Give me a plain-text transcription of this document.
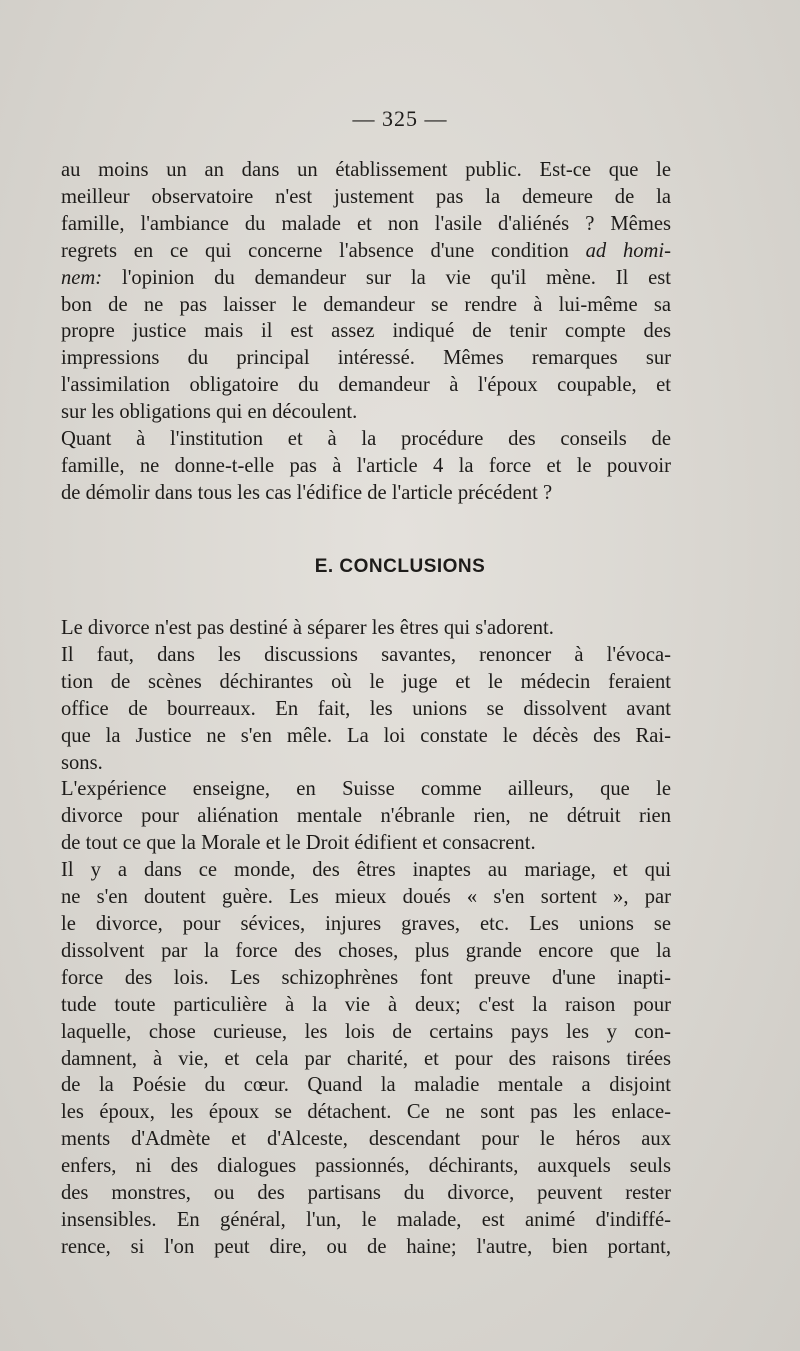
— 325 —
au moins un an dans un établissement public. Est-ce que le
meilleur observatoire n'est justement pas la demeure de la
famille, l'ambiance du malade et non l'asile d'aliénés ? Mêmes
regrets en ce qui concerne l'absence d'une condition ad homi-
nem: l'opinion du demandeur sur la vie qu'il mène. Il est
bon de ne pas laisser le demandeur se rendre à lui-même sa
propre justice mais il est assez indiqué de tenir compte des
impressions du principal intéressé. Mêmes remarques sur
l'assimilation obligatoire du demandeur à l'époux coupable, et
sur les obligations qui en découlent.
Quant à l'institution et à la procédure des conseils de
famille, ne donne-t-elle pas à l'article 4 la force et le pouvoir
de démolir dans tous les cas l'édifice de l'article précédent ?
E. CONCLUSIONS
Le divorce n'est pas destiné à séparer les êtres qui s'adorent.
Il faut, dans les discussions savantes, renoncer à l'évoca-
tion de scènes déchirantes où le juge et le médecin feraient
office de bourreaux. En fait, les unions se dissolvent avant
que la Justice ne s'en mêle. La loi constate le décès des Rai-
sons.
L'expérience enseigne, en Suisse comme ailleurs, que le
divorce pour aliénation mentale n'ébranle rien, ne détruit rien
de tout ce que la Morale et le Droit édifient et consacrent.
Il y a dans ce monde, des êtres inaptes au mariage, et qui
ne s'en doutent guère. Les mieux doués « s'en sortent », par
le divorce, pour sévices, injures graves, etc. Les unions se
dissolvent par la force des choses, plus grande encore que la
force des lois. Les schizophrènes font preuve d'une inapti-
tude toute particulière à la vie à deux; c'est la raison pour
laquelle, chose curieuse, les lois de certains pays les y con-
damnent, à vie, et cela par charité, et pour des raisons tirées
de la Poésie du cœur. Quand la maladie mentale a disjoint
les époux, les époux se détachent. Ce ne sont pas les enlace-
ments d'Admète et d'Alceste, descendant pour le héros aux
enfers, ni des dialogues passionnés, déchirants, auxquels seuls
des monstres, ou des partisans du divorce, peuvent rester
insensibles. En général, l'un, le malade, est animé d'indiffé-
rence, si l'on peut dire, ou de haine; l'autre, bien portant,
